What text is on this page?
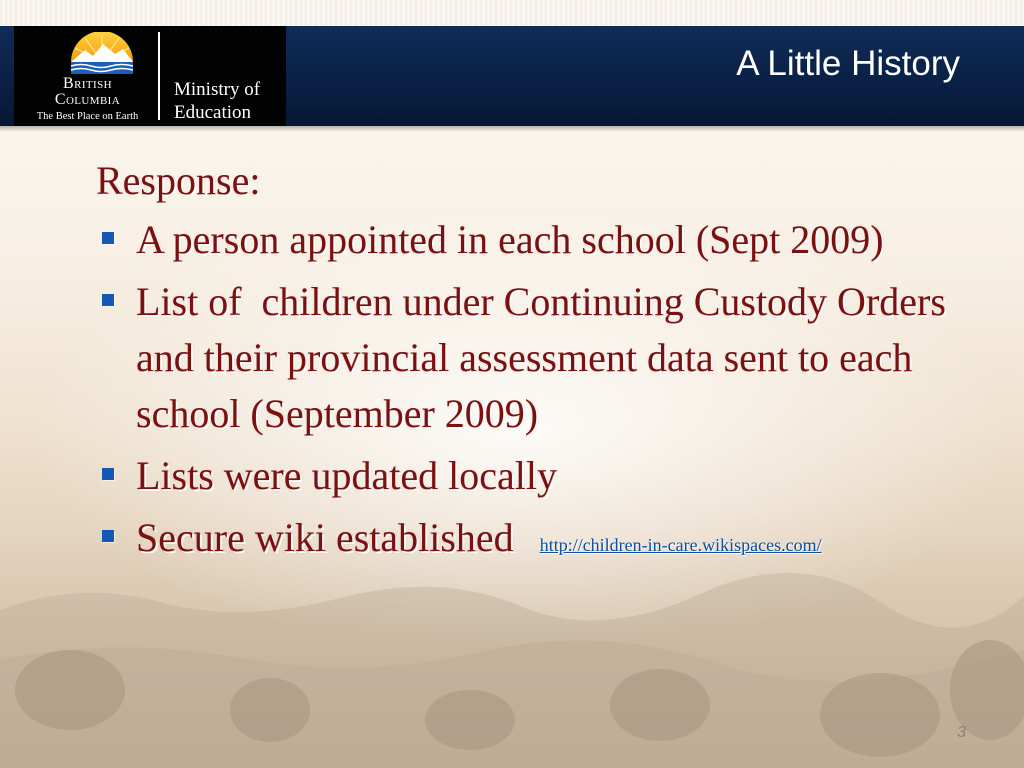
British
Columbia
The Best Place on Earth
Ministry of
Education
A Little History
Response:
A person appointed in each school (Sept 2009)
List of  children under Continuing Custody Orders and their provincial assessment data sent to each school (September 2009)
Lists were updated locally
Secure wiki established http://children-in-care.wikispaces.com/
3
